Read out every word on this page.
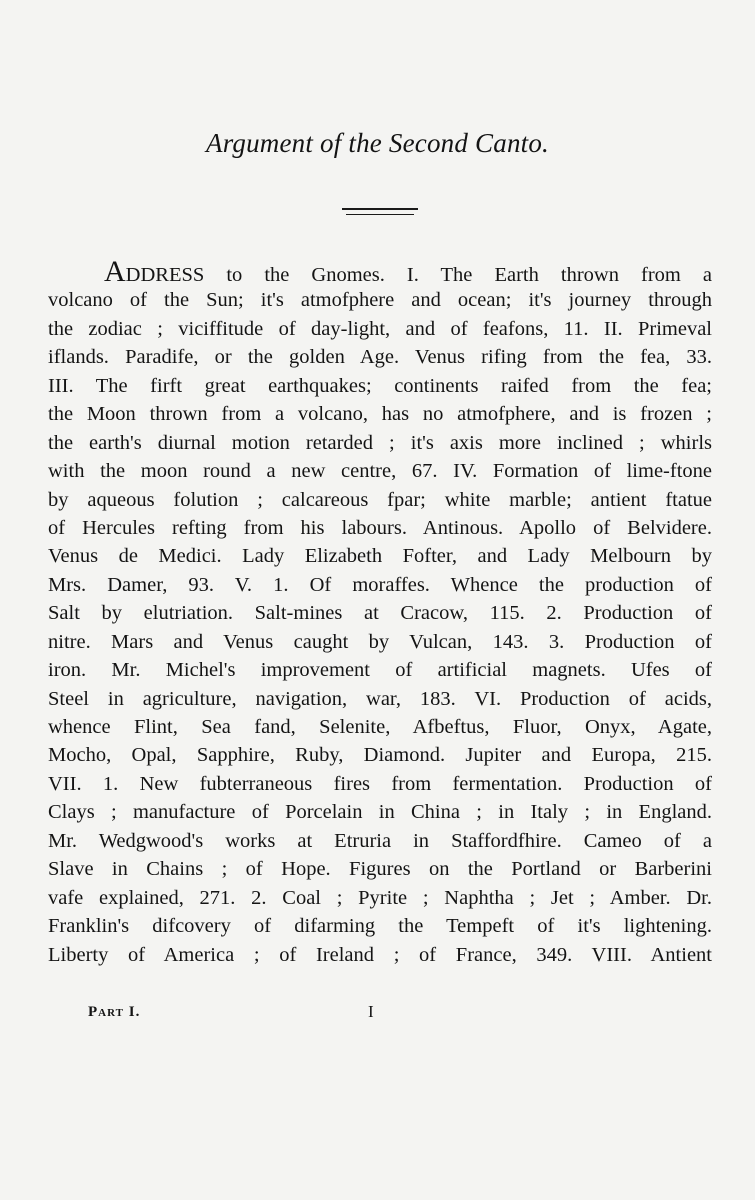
Argument of the Second Canto.
ADDRESS to the Gnomes. I. The Earth thrown from a
volcano of the Sun; it's atmofphere and ocean; it's journey through
the zodiac ; viciffitude of day-light, and of feafons, 11. II. Primeval
iflands. Paradife, or the golden Age. Venus rifing from the fea, 33.
III. The firft great earthquakes; continents raifed from the fea;
the Moon thrown from a volcano, has no atmofphere, and is frozen ;
the earth's diurnal motion retarded ; it's axis more inclined ; whirls
with the moon round a new centre, 67. IV. Formation of lime-ftone
by aqueous folution ; calcareous fpar; white marble; antient ftatue
of Hercules refting from his labours. Antinous. Apollo of Belvidere.
Venus de Medici. Lady Elizabeth Fofter, and Lady Melbourn by
Mrs. Damer, 93. V. 1. Of moraffes. Whence the production of
Salt by elutriation. Salt-mines at Cracow, 115. 2. Production of
nitre. Mars and Venus caught by Vulcan, 143. 3. Production of
iron. Mr. Michel's improvement of artificial magnets. Ufes of
Steel in agriculture, navigation, war, 183. VI. Production of acids,
whence Flint, Sea fand, Selenite, Afbeftus, Fluor, Onyx, Agate,
Mocho, Opal, Sapphire, Ruby, Diamond. Jupiter and Europa, 215.
VII. 1. New fubterraneous fires from fermentation. Production of
Clays ; manufacture of Porcelain in China ; in Italy ; in England.
Mr. Wedgwood's works at Etruria in Staffordfhire. Cameo of a
Slave in Chains ; of Hope. Figures on the Portland or Barberini
vafe explained, 271. 2. Coal ; Pyrite ; Naphtha ; Jet ; Amber. Dr.
Franklin's difcovery of difarming the Tempeft of it's lightening.
Liberty of America ; of Ireland ; of France, 349. VIII. Antient
Part I.	I
